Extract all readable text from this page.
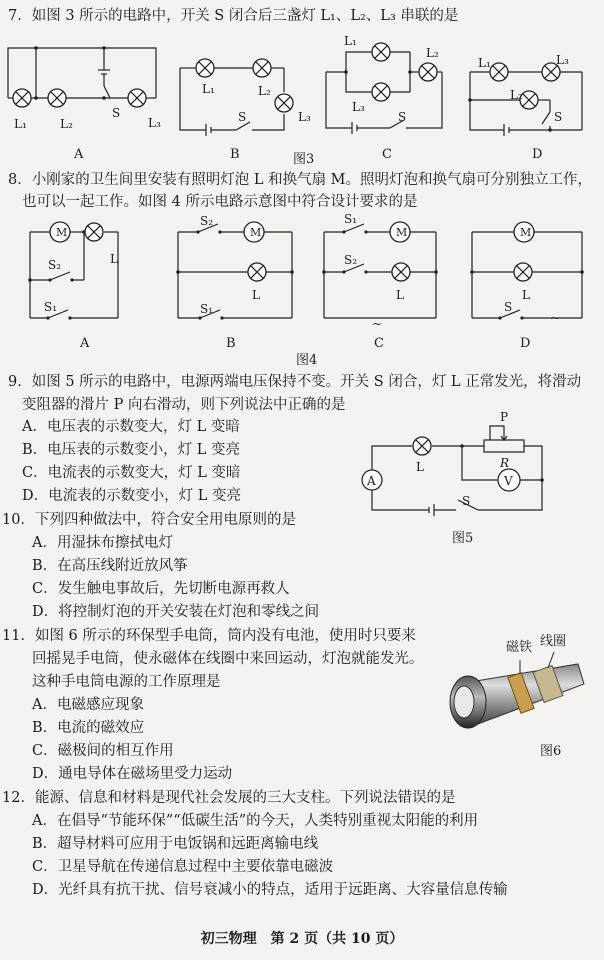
7．如图 3 所示的电路中，开关 S 闭合后三盏灯 L₁、L₂、L₃ 串联的是
L₁	L₂
S
L₃
L₁	L₂
L₃
S
L₁
L₂
L₃
S
L₁	L₃
L₂
S
A	B	图3	C	D
8．小刚家的卫生间里安装有照明灯泡 L 和换气扇 M。照明灯泡和换气扇可分别独立工作，
也可以一起工作。如图 4 所示电路示意图中符合设计要求的是
M	M	M
~
M
~
L
S₂
S₁
S₂
L
S₁
S₁
S₂
L
S
L
A	B	C	D
图4
9．如图 5 所示的电路中，电源两端电压保持不变。开关 S 闭合，灯 L 正常发光，将滑动
变阻器的滑片 P 向右滑动，则下列说法中正确的是
A．电压表的示数变大，灯 L 变暗
B．电压表的示数变小，灯 L 变亮
C．电流表的示数变大，灯 L 变暗
D．电流表的示数变小，灯 L 变亮
A	V
P
R
L
S
图5
10．下列四种做法中，符合安全用电原则的是
A．用湿抹布擦拭电灯
B．在高压线附近放风筝
C．发生触电事故后，先切断电源再救人
D．将控制灯泡的开关安装在灯泡和零线之间
11．如图 6 所示的环保型手电筒，筒内没有电池，使用时只要来
回摇晃手电筒，使永磁体在线圈中来回运动，灯泡就能发光。
这种手电筒电源的工作原理是
A．电磁感应现象
B．电流的磁效应
C．磁极间的相互作用
D．通电导体在磁场里受力运动
磁铁 线圈
图6
12．能源、信息和材料是现代社会发展的三大支柱。下列说法错误的是
A．在倡导“节能环保”“低碳生活”的今天，人类特别重视太阳能的利用
B．超导材料可应用于电饭锅和远距离输电线
C．卫星导航在传递信息过程中主要依靠电磁波
D．光纤具有抗干扰、信号衰减小的特点，适用于远距离、大容量信息传输
初三物理　第 2 页（共 10 页）
